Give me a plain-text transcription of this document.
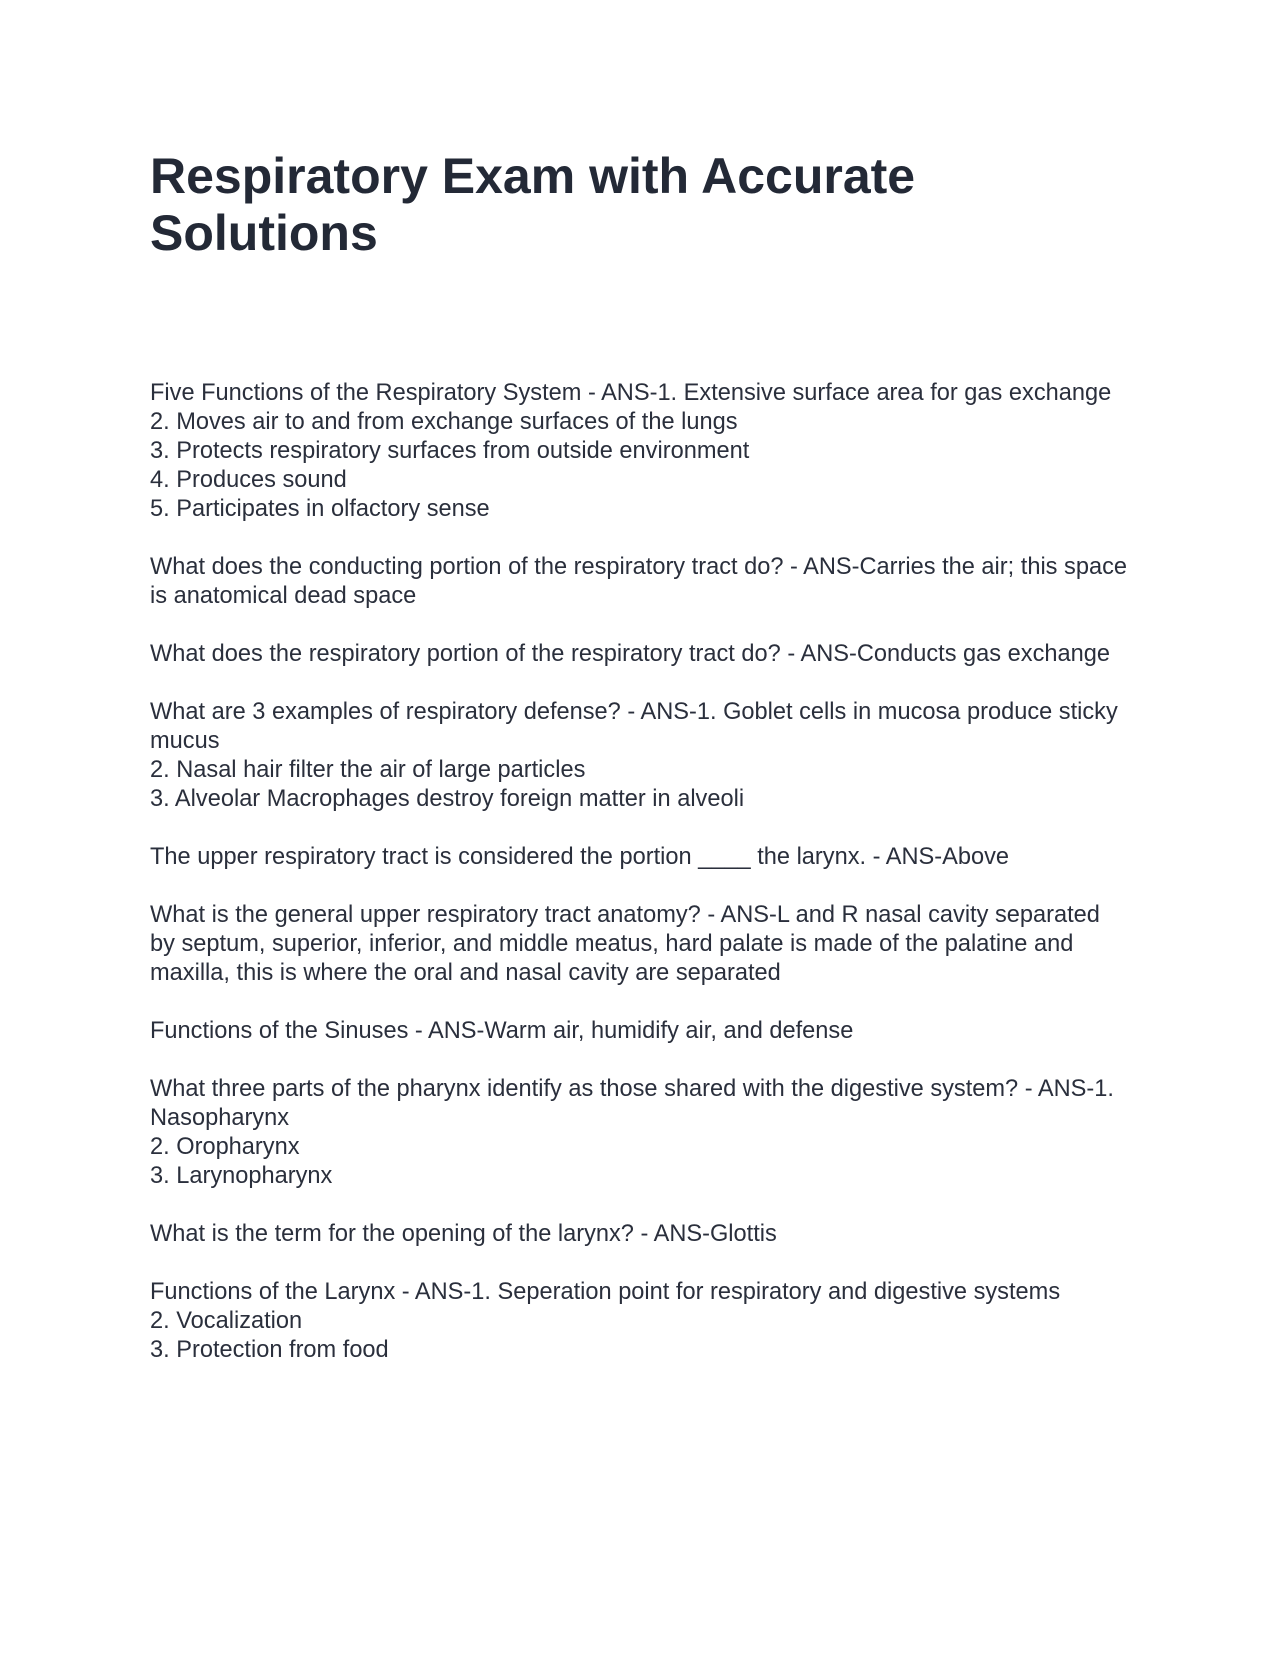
Respiratory Exam with Accurate Solutions
Five Functions of the Respiratory System - ANS-1. Extensive surface area for gas exchange
2. Moves air to and from exchange surfaces of the lungs
3. Protects respiratory surfaces from outside environment
4. Produces sound
5. Participates in olfactory sense
What does the conducting portion of the respiratory tract do? - ANS-Carries the air; this space is anatomical dead space
What does the respiratory portion of the respiratory tract do? - ANS-Conducts gas exchange
What are 3 examples of respiratory defense? - ANS-1. Goblet cells in mucosa produce sticky mucus
2. Nasal hair filter the air of large particles
3. Alveolar Macrophages destroy foreign matter in alveoli
The upper respiratory tract is considered the portion ____ the larynx. - ANS-Above
What is the general upper respiratory tract anatomy? - ANS-L and R nasal cavity separated by septum, superior, inferior, and middle meatus, hard palate is made of the palatine and maxilla, this is where the oral and nasal cavity are separated
Functions of the Sinuses - ANS-Warm air, humidify air, and defense
What three parts of the pharynx identify as those shared with the digestive system? - ANS-1. Nasopharynx
2. Oropharynx
3. Larynopharynx
What is the term for the opening of the larynx? - ANS-Glottis
Functions of the Larynx - ANS-1. Seperation point for respiratory and digestive systems
2. Vocalization
3. Protection from food
